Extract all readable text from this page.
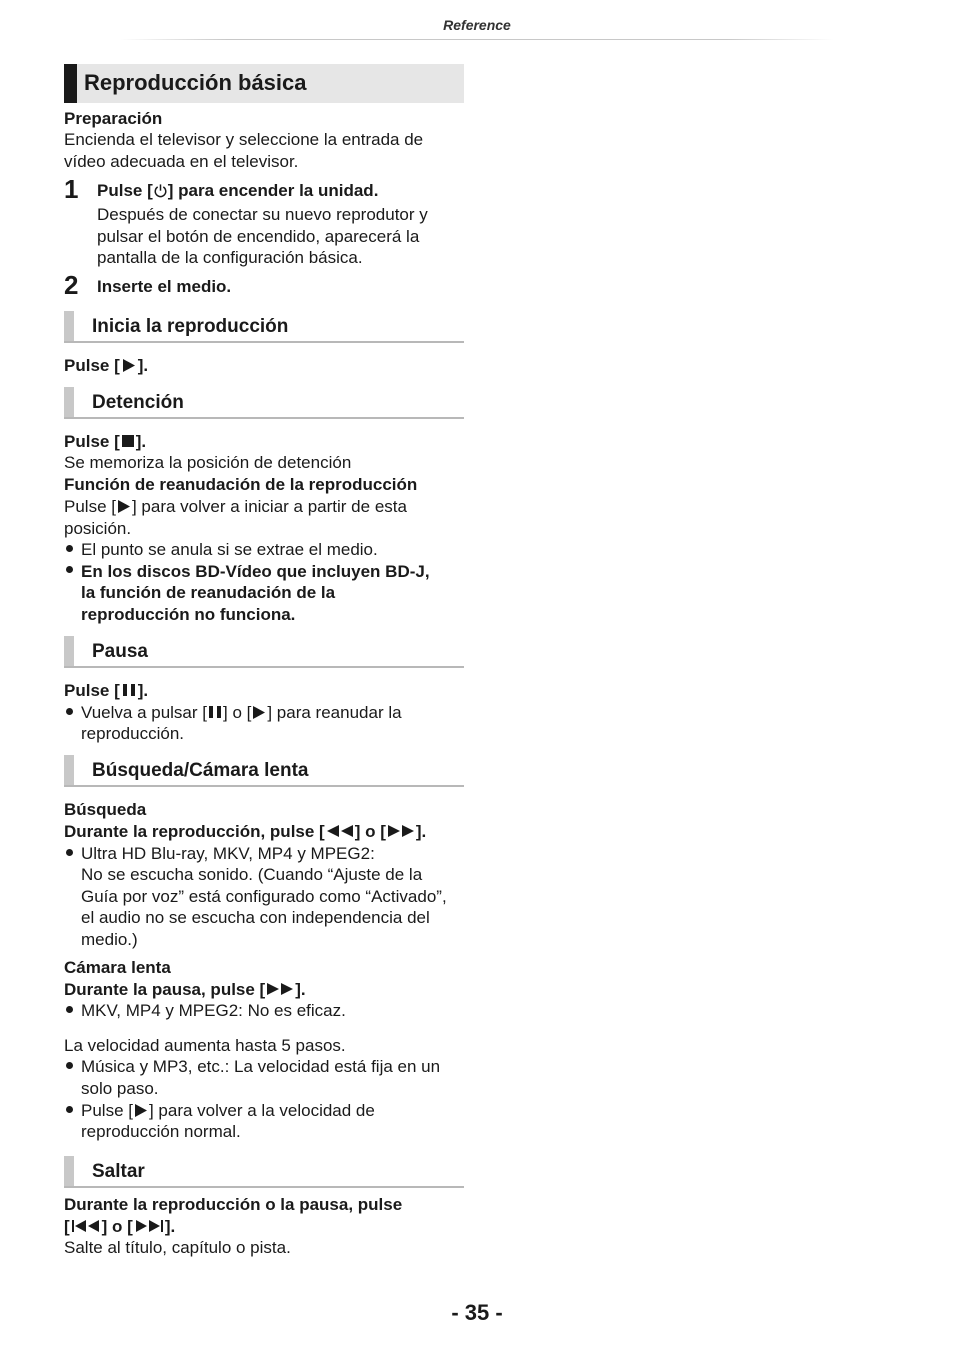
Reference
Reproducción básica
Preparación
Encienda el televisor y seleccione la entrada de
vídeo adecuada en el televisor.
1 Pulse [ ] para encender la unidad.
Después de conectar su nuevo reprodutor y
pulsar el botón de encendido, aparecerá la
pantalla de la configuración básica.
2 Inserte el medio.
Inicia la reproducción
Pulse [ ].
Detención
Pulse [ ].
Se memoriza la posición de detención
Función de reanudación de la reproducción
Pulse [ ] para volver a iniciar a partir de esta
posición.
El punto se anula si se extrae el medio.
En los discos BD-Vídeo que incluyen BD-J,
la función de reanudación de la
reproducción no funciona.
Pausa
Pulse [ ].
Vuelva a pulsar [ ] o [ ] para reanudar la
reproducción.
Búsqueda/Cámara lenta
Búsqueda
Durante la reproducción, pulse [ ] o [ ].
Ultra HD Blu-ray, MKV, MP4 y MPEG2:
No se escucha sonido. (Cuando “Ajuste de la
Guía por voz” está configurado como “Activado”,
el audio no se escucha con independencia del
medio.)
Cámara lenta
Durante la pausa, pulse [ ].
MKV, MP4 y MPEG2: No es eficaz.
La velocidad aumenta hasta 5 pasos.
Música y MP3, etc.: La velocidad está fija en un
solo paso.
Pulse [ ] para volver a la velocidad de
reproducción normal.
Saltar
Durante la reproducción o la pausa, pulse
[ ] o [ ].
Salte al título, capítulo o pista.
- 35 -
